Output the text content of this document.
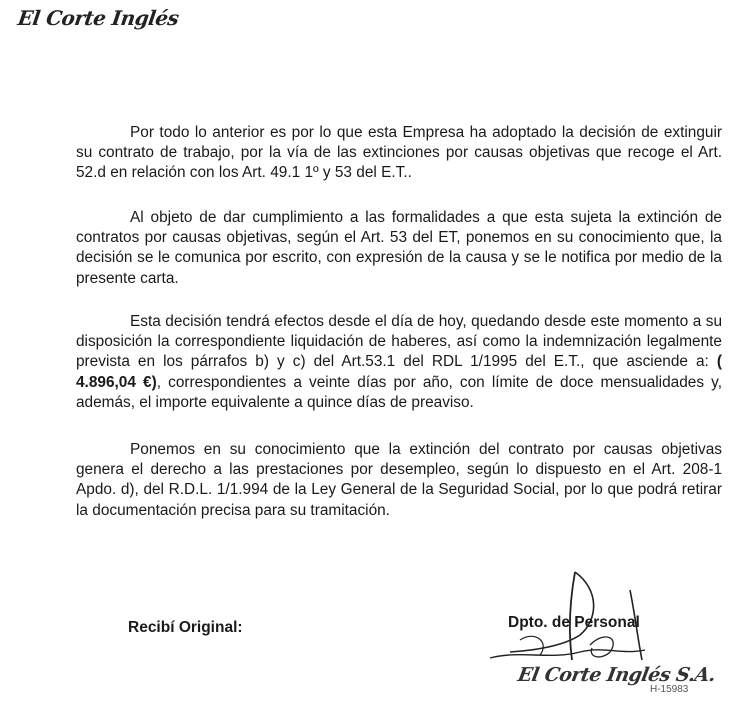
El Corte Inglés

Por todo lo anterior es por lo que esta Empresa ha adoptado la decisión de extinguir su contrato de trabajo, por la vía de las extinciones por causas objetivas que recoge el Art. 52.d en relación con los Art. 49.1 1º y 53 del E.T..

Al objeto de dar cumplimiento a las formalidades a que esta sujeta la extinción de contratos por causas objetivas, según el Art. 53 del ET, ponemos en su conocimiento que, la decisión se le comunica por escrito, con expresión de la causa y se le notifica por medio de la presente carta.

Esta decisión tendrá efectos desde el día de hoy, quedando desde este momento a su disposición la correspondiente liquidación de haberes, así como la indemnización legalmente prevista en los párrafos b) y c) del Art.53.1 del RDL 1/1995 del E.T., que asciende a: ( 4.896,04 €), correspondientes a veinte días por año, con límite de doce mensualidades y, además, el importe equivalente a quince días de preaviso.

Ponemos en su conocimiento que la extinción del contrato por causas objetivas genera el derecho a las prestaciones por desempleo, según lo dispuesto en el Art. 208-1 Apdo. d), del R.D.L. 1/1.994 de la Ley General de la Seguridad Social, por lo que podrá retirar la documentación precisa para su tramitación.

Recibí Original:	Dpto. de Personal
El Corte Inglés S.A.
H-15983
